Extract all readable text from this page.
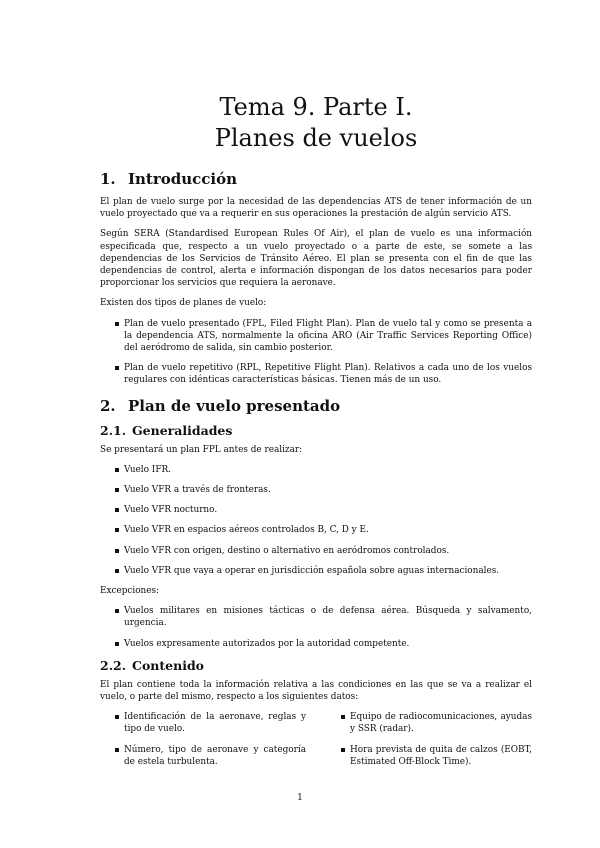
Tema 9. Parte I.
Planes de vuelos
1. Introducción

El plan de vuelo surge por la necesidad de las dependencias ATS de tener información de un vuelo proyectado que va a requerir en sus operaciones la prestación de algún servicio ATS.

Según SERA (Standardised European Rules Of Air), el plan de vuelo es una información especificada que, respecto a un vuelo proyectado o a parte de este, se somete a las dependencias de los Servicios de Tránsito Aéreo. El plan se presenta con el fin de que las dependencias de control, alerta e información dispongan de los datos necesarios para poder proporcionar los servicios que requiera la aeronave.

Existen dos tipos de planes de vuelo:

Plan de vuelo presentado (FPL, Filed Flight Plan). Plan de vuelo tal y como se presenta a la dependencia ATS, normalmente la oficina ARO (Air Traffic Services Reporting Office) del aeródromo de salida, sin cambio posterior.
Plan de vuelo repetitivo (RPL, Repetitive Flight Plan). Relativos a cada uno de los vuelos regulares con idénticas características básicas. Tienen más de un uso.
2. Plan de vuelo presentado
2.1. Generalidades

Se presentará un plan FPL antes de realizar:

Vuelo IFR.
Vuelo VFR a través de fronteras.
Vuelo VFR nocturno.
Vuelo VFR en espacios aéreos controlados B, C, D y E.
Vuelo VFR con origen, destino o alternativo en aeródromos controlados.
Vuelo VFR que vaya a operar en jurisdicción española sobre aguas internacionales.

Excepciones:

Vuelos militares en misiones tácticas o de defensa aérea. Búsqueda y salvamento, urgencia.
Vuelos expresamente autorizados por la autoridad competente.
2.2. Contenido

El plan contiene toda la información relativa a las condiciones en las que se va a realizar el vuelo, o parte del mismo, respecto a los siguientes datos:

Identificación de la aeronave, reglas y tipo de vuelo.
Número, tipo de aeronave y categoría de estela turbulenta.
Equipo de radiocomunicaciones, ayudas y SSR (radar).
Hora prevista de quita de calzos (EOBT, Estimated Off-Block Time).
1
